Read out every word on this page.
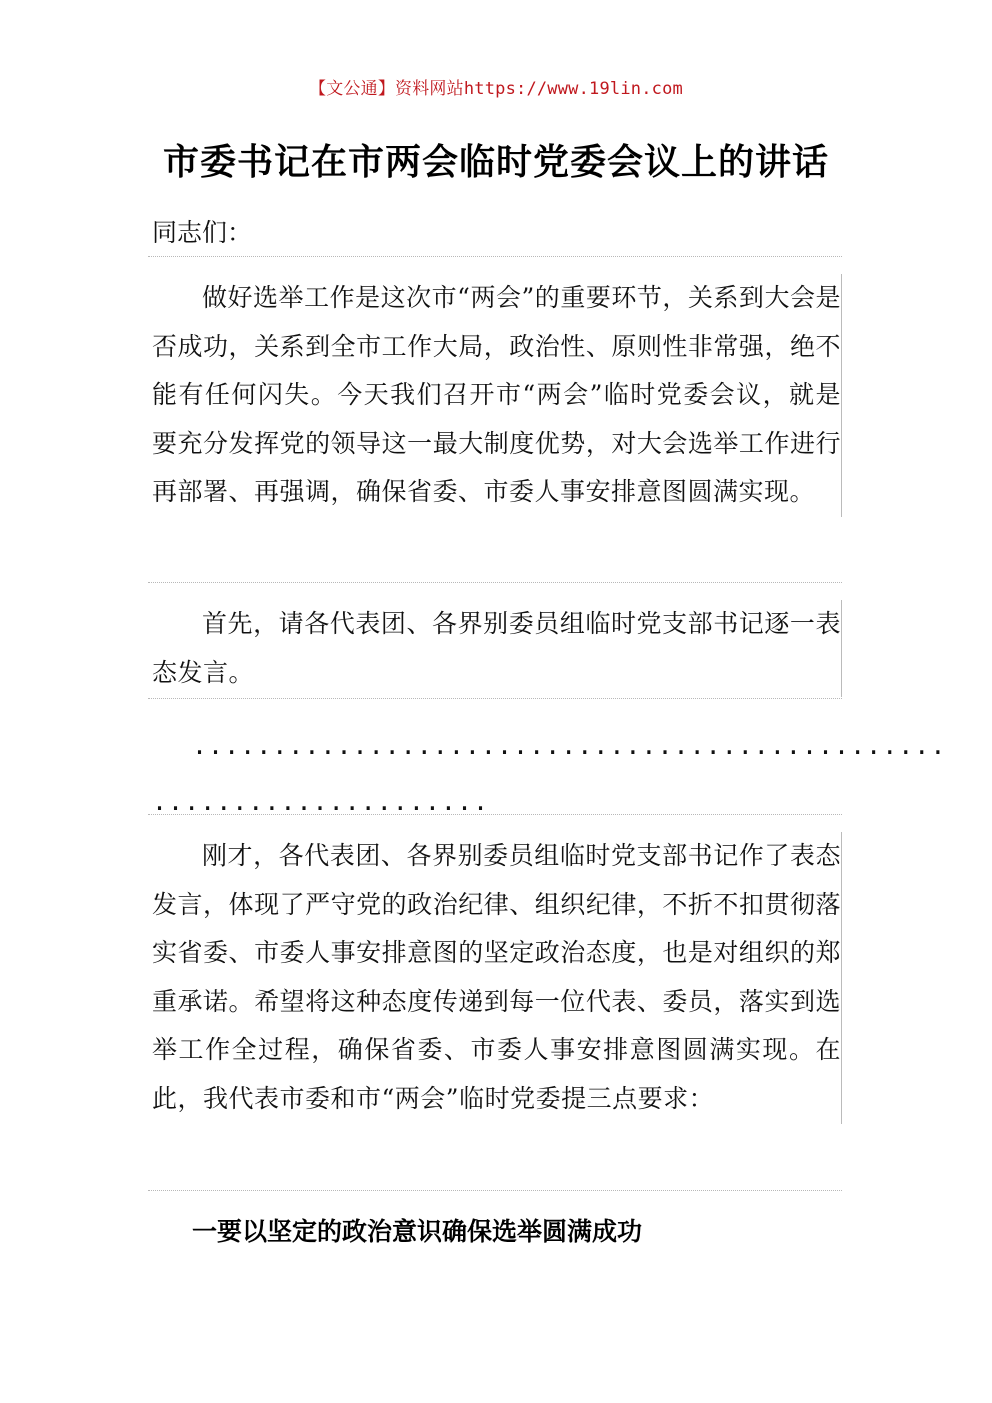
【文公通】资料网站https://www.19lin.com
市委书记在市两会临时党委会议上的讲话
同志们：

做好选举工作是这次市“两会”的重要环节，关系到大会是否成功，关系到全市工作大局，政治性、原则性非常强，绝不能有任何闪失。今天我们召开市“两会”临时党委会议，就是要充分发挥党的领导这一最大制度优势，对大会选举工作进行再部署、再强调，确保省委、市委人事安排意图圆满实现。

首先，请各代表团、各界别委员组临时党支部书记逐一表态发言。

...............................................
.....................

刚才，各代表团、各界别委员组临时党支部书记作了表态发言，体现了严守党的政治纪律、组织纪律，不折不扣贯彻落实省委、市委人事安排意图的坚定政治态度，也是对组织的郑重承诺。希望将这种态度传递到每一位代表、委员，落实到选举工作全过程，确保省委、市委人事安排意图圆满实现。在此，我代表市委和市“两会”临时党委提三点要求：

一要以坚定的政治意识确保选举圆满成功
